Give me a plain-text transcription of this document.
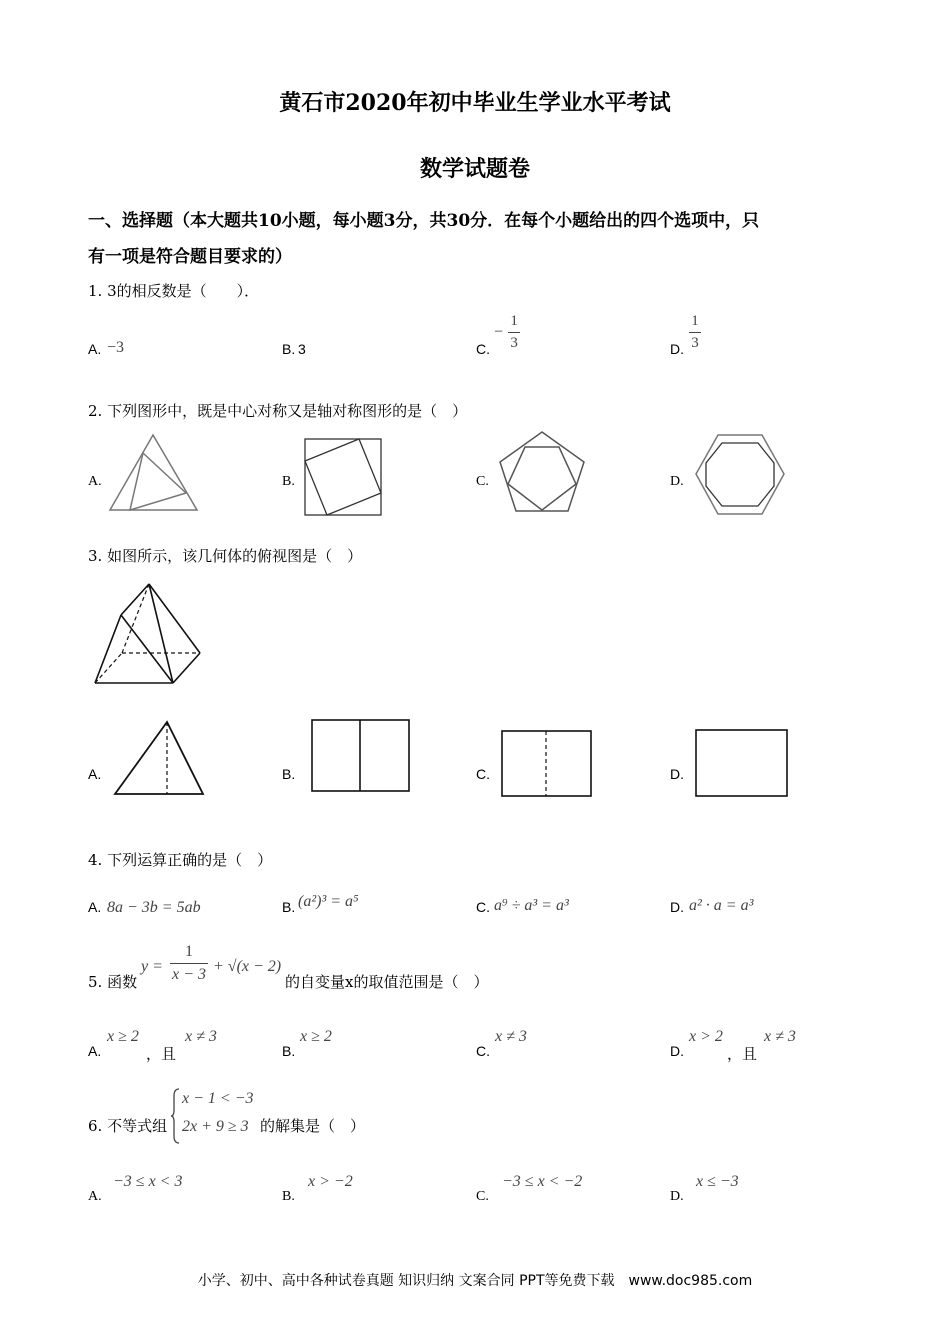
黄石市2020年初中毕业生学业水平考试
数学试题卷
一、选择题（本大题共10小题，每小题3分，共30分．在每个小题给出的四个选项中，只
有一项是符合题目要求的）
1. 3的相反数是（　　）．
A. −3	B. 3	C.
− $\frac{1}{3}$	D. $\frac{1}{3}$
2. 下列图形中，既是中心对称又是轴对称图形的是（　）
A.	B.	C.	D.
3. 如图所示，该几何体的俯视图是（　）
A.	B.	C.	D.
4. 下列运算正确的是（　）
A. 8a − 3b = 5ab	B. (a²)³ = a⁵	C. a⁹ ÷ a³ = a³	D. a² · a = a³
5. 函数
$y = \frac{1}{x - 3} + √(x - 2)$
的自变量x的取值范围是（　）
A.
x ≥ 2
，且
x ≠ 3
B.
x ≥ 2
C.
x ≠ 3
D.
x > 2
，且
x ≠ 3
6. 不等式组
x − 1 < −3
2x + 9 ≥ 3 的解集是（　）
A.
−3 ≤ x < 3
B.
x > −2
C.
−3 ≤ x < −2
D.
x ≤ −3
小学、初中、高中各种试卷真题 知识归纳 文案合同 PPT等免费下载　www.doc985.com
